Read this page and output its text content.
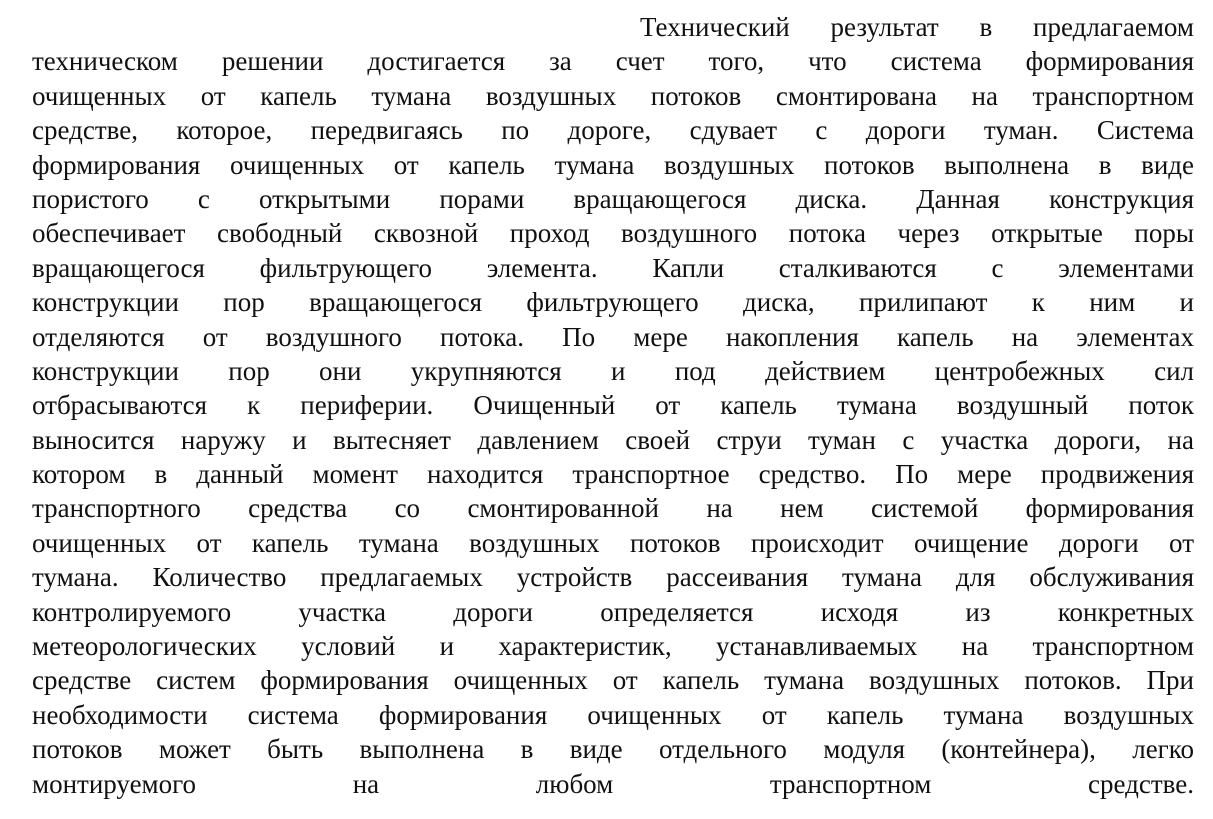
Технический результат в предлагаемом
техническом решении достигается за счет того, что система формирования
очищенных от капель тумана воздушных потоков смонтирована на транспортном
средстве, которое, передвигаясь по дороге, сдувает с дороги туман. Система
формирования очищенных от капель тумана воздушных потоков выполнена в виде
пористого с открытыми порами вращающегося диска. Данная конструкция
обеспечивает свободный сквозной проход воздушного потока через открытые поры
вращающегося фильтрующего элемента. Капли сталкиваются с элементами
конструкции пор вращающегося фильтрующего диска, прилипают к ним и
отделяются от воздушного потока. По мере накопления капель на элементах
конструкции пор они укрупняются и под действием центробежных сил
отбрасываются к периферии. Очищенный от капель тумана воздушный поток
выносится наружу и вытесняет давлением своей струи туман с участка дороги, на
котором в данный момент находится транспортное средство. По мере продвижения
транспортного средства со смонтированной на нем системой формирования
очищенных от капель тумана воздушных потоков происходит очищение дороги от
тумана. Количество предлагаемых устройств рассеивания тумана для обслуживания
контролируемого участка дороги определяется исходя из конкретных
метеорологических условий и характеристик, устанавливаемых на транспортном
средстве систем формирования очищенных от капель тумана воздушных потоков. При
необходимости система формирования очищенных от капель тумана воздушных
потоков может быть выполнена в виде отдельного модуля (контейнера), легко
монтируемого на любом транспортном средстве.
